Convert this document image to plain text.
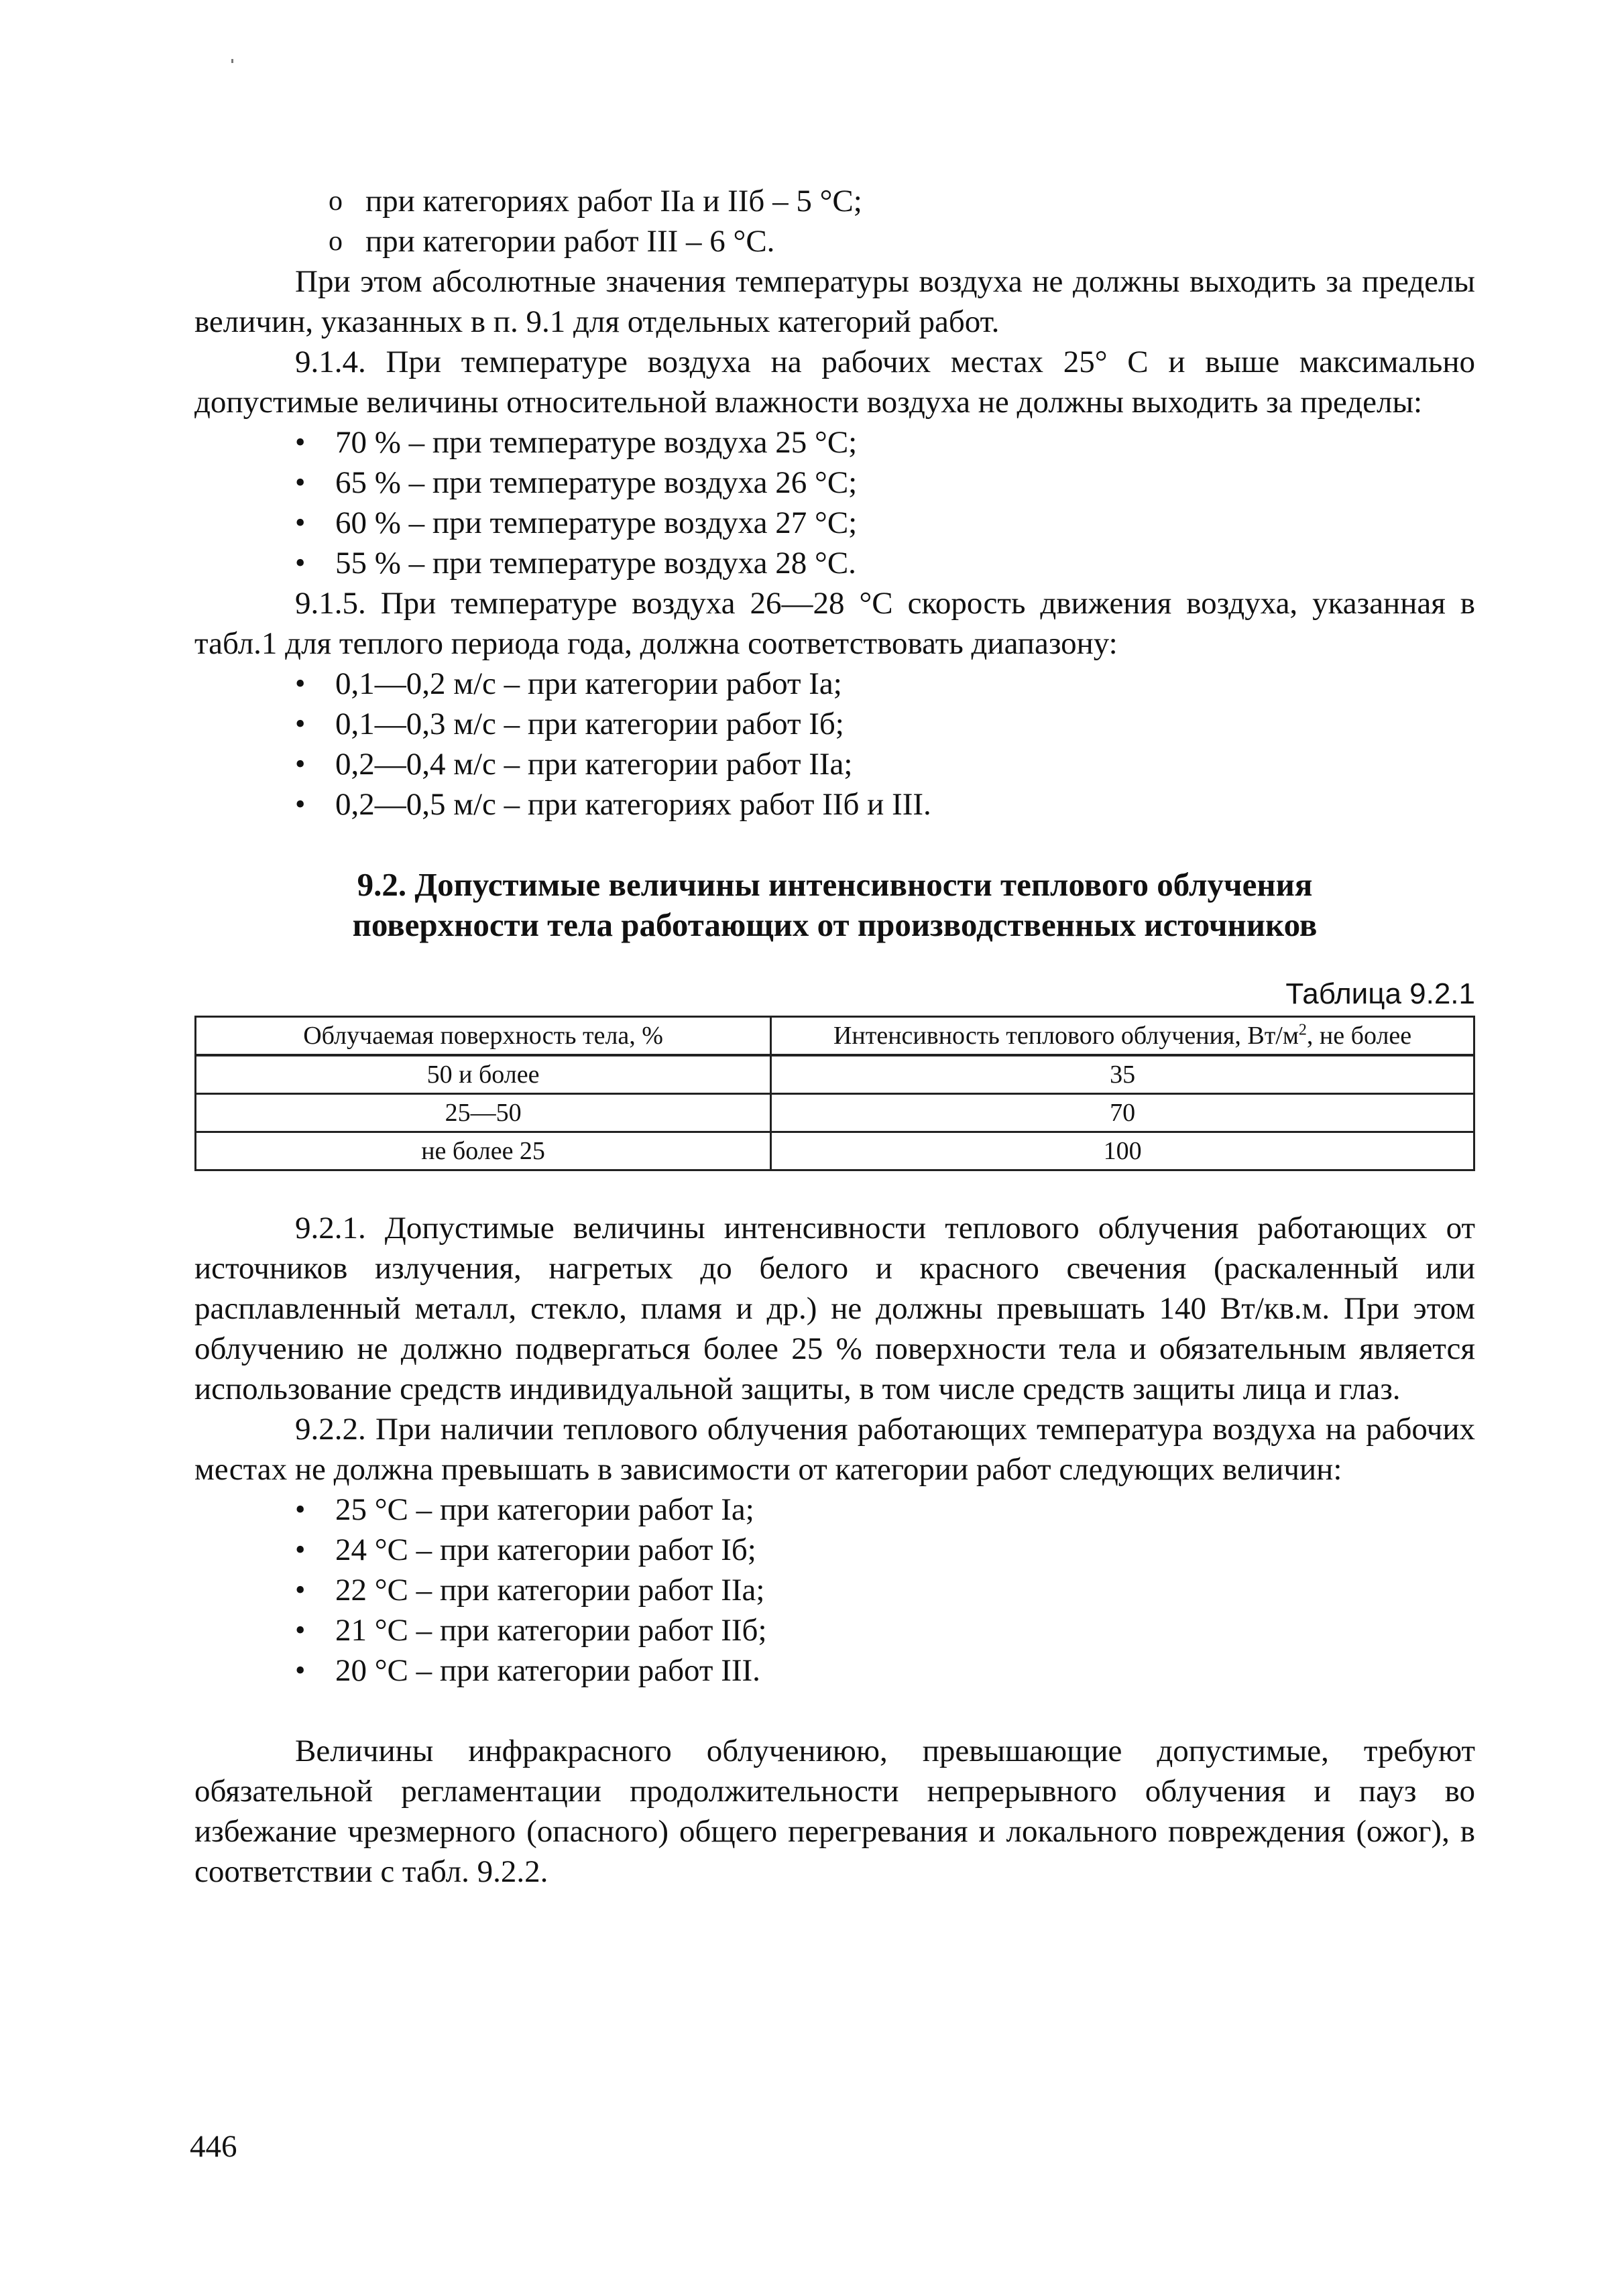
o при категориях работ IIа и IIб – 5 °C;
o при категории работ III – 6 °C.

При этом абсолютные значения температуры воздуха не должны выходить за пределы величин, указанных в п. 9.1 для отдельных категорий работ.

9.1.4. При температуре воздуха на рабочих местах 25° C и выше максимально допустимые величины относительной влажности воздуха не должны выходить за пределы:

• 70 % – при температуре воздуха 25 °C;
• 65 % – при температуре воздуха 26 °C;
• 60 % – при температуре воздуха 27 °C;
• 55 % – при температуре воздуха 28 °C.

9.1.5. При температуре воздуха 26—28 °C скорость движения воздуха, указанная в табл.1 для теплого периода года, должна соответствовать диапазону:

• 0,1—0,2 м/с – при категории работ Iа;
• 0,1—0,3 м/с – при категории работ Iб;
• 0,2—0,4 м/с – при категории работ IIа;
• 0,2—0,5 м/с – при категориях работ IIб и III.
9.2. Допустимые величины интенсивности теплового облучения
поверхности тела работающих от производственных источников
Таблица 9.2.1
Облучаемая поверхность тела, %	Интенсивность теплового облучения, $Вт/м^2$, не более
50 и более	35
25—50	70
не более 25	100

9.2.1. Допустимые величины интенсивности теплового облучения работающих от источников излучения, нагретых до белого и красного свечения (раскаленный или расплавленный металл, стекло, пламя и др.) не должны превышать 140 Вт/кв.м. При этом облучению не должно подвергаться более 25 % поверхности тела и обязательным является использование средств индивидуальной защиты, в том числе средств защиты лица и глаз.

9.2.2. При наличии теплового облучения работающих температура воздуха на рабочих местах не должна превышать в зависимости от категории работ следующих величин:

• 25 °C – при категории работ Iа;
• 24 °C – при категории работ Iб;
• 22 °C – при категории работ IIа;
• 21 °C – при категории работ IIб;
• 20 °C – при категории работ III.

Величины инфракрасного облучениюю, превышающие допустимые, требуют обязательной регламентации продолжительности непрерывного облучения и пауз во избежание чрезмерного (опасного) общего перегревания и локального повреждения (ожог), в соответствии с табл. 9.2.2.

446
